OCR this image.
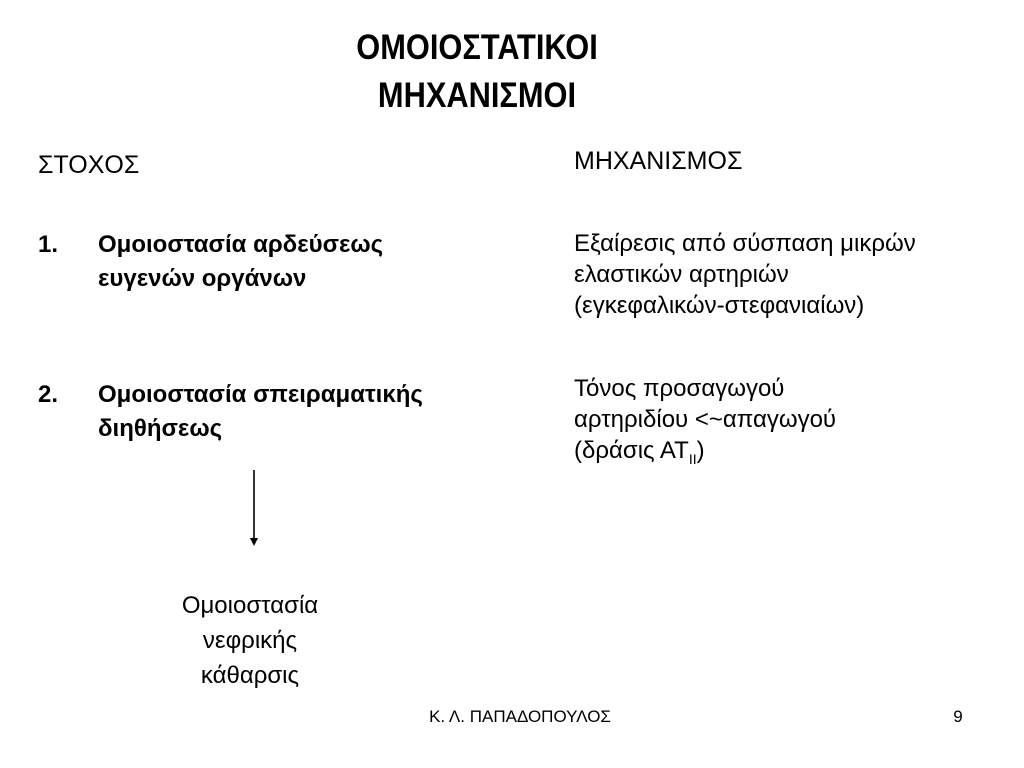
ΟΜΟΙΟΣΤΑΤΙΚΟΙ
ΜΗΧΑΝΙΣΜΟΙ
ΣΤΟΧΟΣ	ΜΗΧΑΝΙΣΜΟΣ
1. Ομοιοστασία αρδεύσεως
ευγενών οργάνων
2. Ομοιοστασία σπειραματικής
διηθήσεως
Εξαίρεσις από σύσπαση μικρών
ελαστικών αρτηριών
(εγκεφαλικών-στεφανιαίων)
Τόνος προσαγωγού
αρτηριδίου <~απαγωγού
(δράσις $AT_{II}$)
Ομοιοστασία
νεφρικής
κάθαρσις
Κ. Λ. ΠΑΠΑΔΟΠΟΥΛΟΣ	9
